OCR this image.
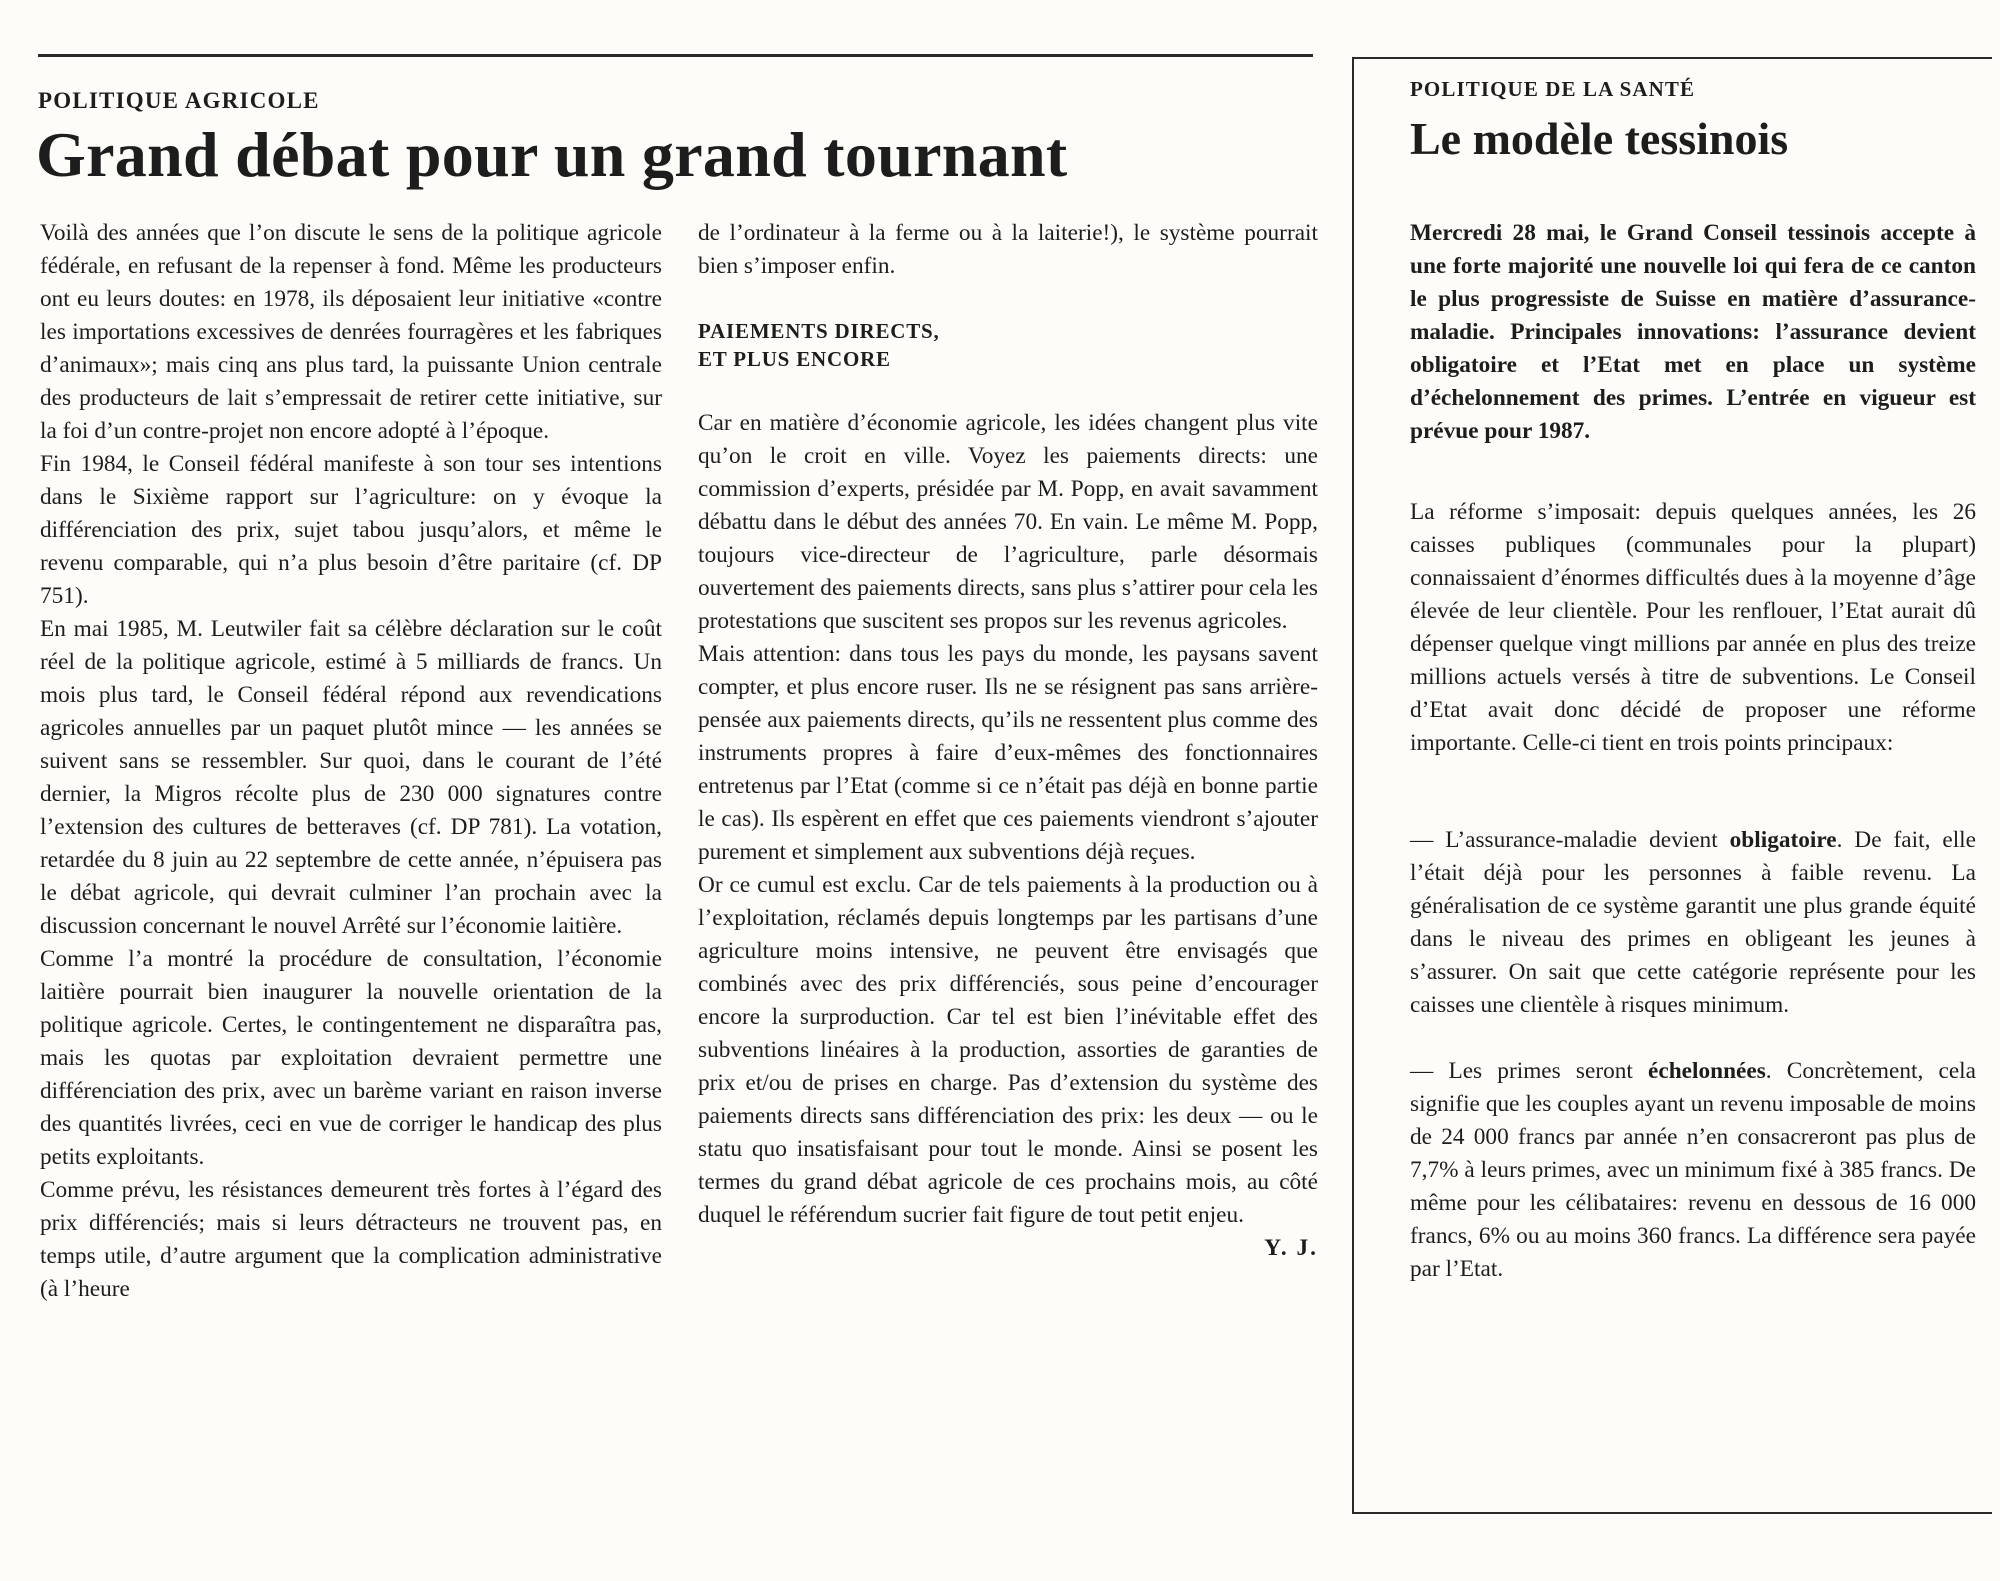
POLITIQUE AGRICOLE
Grand débat pour un grand tournant

Voilà des années que l’on discute le sens de la politique agricole fédérale, en refusant de la repenser à fond. Même les producteurs ont eu leurs doutes: en 1978, ils déposaient leur initiative «contre les importations excessives de denrées fourragères et les fabriques d’animaux»; mais cinq ans plus tard, la puissante Union centrale des producteurs de lait s’empressait de retirer cette initiative, sur la foi d’un contre-projet non encore adopté à l’époque.

Fin 1984, le Conseil fédéral manifeste à son tour ses intentions dans le Sixième rapport sur l’agriculture: on y évoque la différenciation des prix, sujet tabou jusqu’alors, et même le revenu comparable, qui n’a plus besoin d’être paritaire (cf. DP 751).

En mai 1985, M. Leutwiler fait sa célèbre déclaration sur le coût réel de la politique agricole, estimé à 5 milliards de francs. Un mois plus tard, le Conseil fédéral répond aux revendications agricoles annuelles par un paquet plutôt mince — les années se suivent sans se ressembler. Sur quoi, dans le courant de l’été dernier, la Migros récolte plus de 230 000 signatures contre l’extension des cultures de betteraves (cf. DP 781). La votation, retardée du 8 juin au 22 septembre de cette année, n’épuisera pas le débat agricole, qui devrait culminer l’an prochain avec la discussion concernant le nouvel Arrêté sur l’économie laitière.

Comme l’a montré la procédure de consultation, l’économie laitière pourrait bien inaugurer la nouvelle orientation de la politique agricole. Certes, le contingentement ne disparaîtra pas, mais les quotas par exploitation devraient permettre une différenciation des prix, avec un barème variant en raison inverse des quantités livrées, ceci en vue de corriger le handicap des plus petits exploitants.

Comme prévu, les résistances demeurent très fortes à l’égard des prix différenciés; mais si leurs détracteurs ne trouvent pas, en temps utile, d’autre argument que la complication administrative (à l’heure

de l’ordinateur à la ferme ou à la laiterie!), le système pourrait bien s’imposer enfin.

PAIEMENTS DIRECTS,
ET PLUS ENCORE

Car en matière d’économie agricole, les idées changent plus vite qu’on le croit en ville. Voyez les paiements directs: une commission d’experts, présidée par M. Popp, en avait savamment débattu dans le début des années 70. En vain. Le même M. Popp, toujours vice-directeur de l’agriculture, parle désormais ouvertement des paiements directs, sans plus s’attirer pour cela les protestations que suscitent ses propos sur les revenus agricoles.

Mais attention: dans tous les pays du monde, les paysans savent compter, et plus encore ruser. Ils ne se résignent pas sans arrière-pensée aux paiements directs, qu’ils ne ressentent plus comme des instruments propres à faire d’eux-mêmes des fonctionnaires entretenus par l’Etat (comme si ce n’était pas déjà en bonne partie le cas). Ils espèrent en effet que ces paiements viendront s’ajouter purement et simplement aux subventions déjà reçues.

Or ce cumul est exclu. Car de tels paiements à la production ou à l’exploitation, réclamés depuis longtemps par les partisans d’une agriculture moins intensive, ne peuvent être envisagés que combinés avec des prix différenciés, sous peine d’encourager encore la surproduction. Car tel est bien l’inévitable effet des subventions linéaires à la production, assorties de garanties de prix et/ou de prises en charge. Pas d’extension du système des paiements directs sans différenciation des prix: les deux — ou le statu quo insatisfaisant pour tout le monde. Ainsi se posent les termes du grand débat agricole de ces prochains mois, au côté duquel le référendum sucrier fait figure de tout petit enjeu.

Y. J.

POLITIQUE DE LA SANTÉ
Le modèle tessinois

Mercredi 28 mai, le Grand Conseil tessinois accepte à une forte majorité une nouvelle loi qui fera de ce canton le plus progressiste de Suisse en matière d’assurance-maladie. Principales innovations: l’assurance devient obligatoire et l’Etat met en place un système d’échelonnement des primes. L’entrée en vigueur est prévue pour 1987.

La réforme s’imposait: depuis quelques années, les 26 caisses publiques (communales pour la plupart) connaissaient d’énormes difficultés dues à la moyenne d’âge élevée de leur clientèle. Pour les renflouer, l’Etat aurait dû dépenser quelque vingt millions par année en plus des treize millions actuels versés à titre de subventions. Le Conseil d’Etat avait donc décidé de proposer une réforme importante. Celle-ci tient en trois points principaux:

— L’assurance-maladie devient obligatoire. De fait, elle l’était déjà pour les personnes à faible revenu. La généralisation de ce système garantit une plus grande équité dans le niveau des primes en obligeant les jeunes à s’assurer. On sait que cette catégorie représente pour les caisses une clientèle à risques minimum.

— Les primes seront échelonnées. Concrètement, cela signifie que les couples ayant un revenu imposable de moins de 24 000 francs par année n’en consacreront pas plus de 7,7% à leurs primes, avec un minimum fixé à 385 francs. De même pour les célibataires: revenu en dessous de 16 000 francs, 6% ou au moins 360 francs. La différence sera payée par l’Etat.
